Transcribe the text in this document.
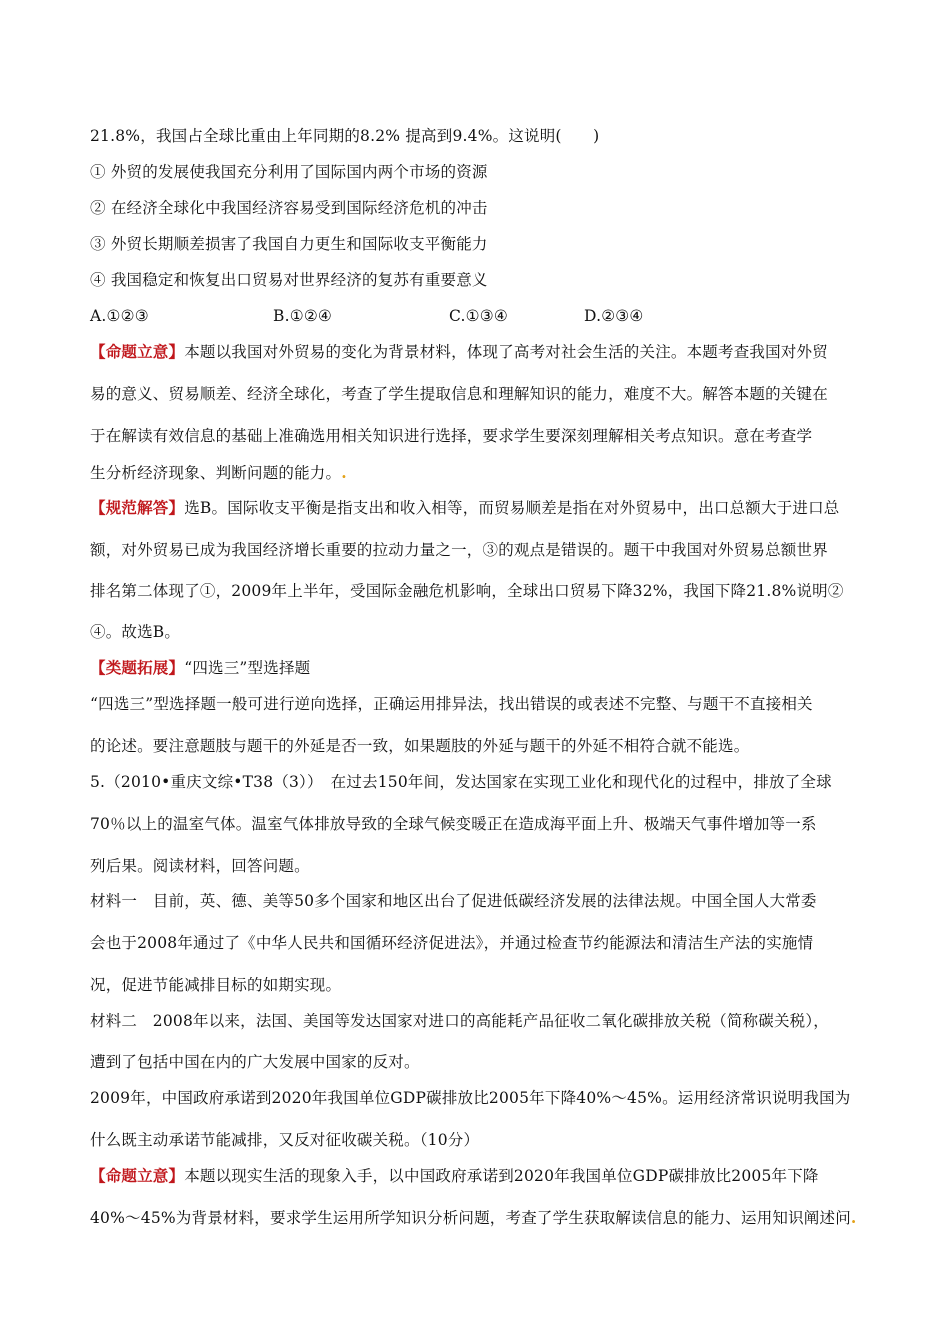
21.8%，我国占全球比重由上年同期的8.2% 提高到9.4%。这说明(　　)
① 外贸的发展使我国充分利用了国际国内两个市场的资源
② 在经济全球化中我国经济容易受到国际经济危机的冲击
③ 外贸长期顺差损害了我国自力更生和国际收支平衡能力
④ 我国稳定和恢复出口贸易对世界经济的复苏有重要意义
A.①②③	B.①②④	C.①③④	D.②③④
【命题立意】本题以我国对外贸易的变化为背景材料，体现了高考对社会生活的关注。本题考查我国对外贸
易的意义、贸易顺差、经济全球化，考查了学生提取信息和理解知识的能力，难度不大。解答本题的关键在
于在解读有效信息的基础上准确选用相关知识进行选择，要求学生要深刻理解相关考点知识。意在考查学
生分析经济现象、判断问题的能力。.
【规范解答】选B。国际收支平衡是指支出和收入相等，而贸易顺差是指在对外贸易中，出口总额大于进口总
额，对外贸易已成为我国经济增长重要的拉动力量之一，③的观点是错误的。题干中我国对外贸易总额世界
排名第二体现了①，2009年上半年，受国际金融危机影响，全球出口贸易下降32%，我国下降21.8%说明②
④。故选B。
【类题拓展】“四选三”型选择题
“四选三”型选择题一般可进行逆向选择，正确运用排异法，找出错误的或表述不完整、与题干不直接相关
的论述。要注意题肢与题干的外延是否一致，如果题肢的外延与题干的外延不相符合就不能选。
5.（2010•重庆文综•T38（3））　在过去150年间，发达国家在实现工业化和现代化的过程中，排放了全球
70％以上的温室气体。温室气体排放导致的全球气候变暖正在造成海平面上升、极端天气事件增加等一系
列后果。阅读材料，回答问题。
材料一　目前，英、德、美等50多个国家和地区出台了促进低碳经济发展的法律法规。中国全国人大常委
会也于2008年通过了《中华人民共和国循环经济促进法》，并通过检查节约能源法和清洁生产法的实施情
况，促进节能减排目标的如期实现。
材料二　2008年以来，法国、美国等发达国家对进口的高能耗产品征收二氧化碳排放关税（简称碳关税），
遭到了包括中国在内的广大发展中国家的反对。
2009年，中国政府承诺到2020年我国单位GDP碳排放比2005年下降40%～45%。运用经济常识说明我国为
什么既主动承诺节能减排，又反对征收碳关税。（10分）
【命题立意】本题以现实生活的现象入手，以中国政府承诺到2020年我国单位GDP碳排放比2005年下降
40%～45%为背景材料，要求学生运用所学知识分析问题，考查了学生获取解读信息的能力、运用知识阐述问.
